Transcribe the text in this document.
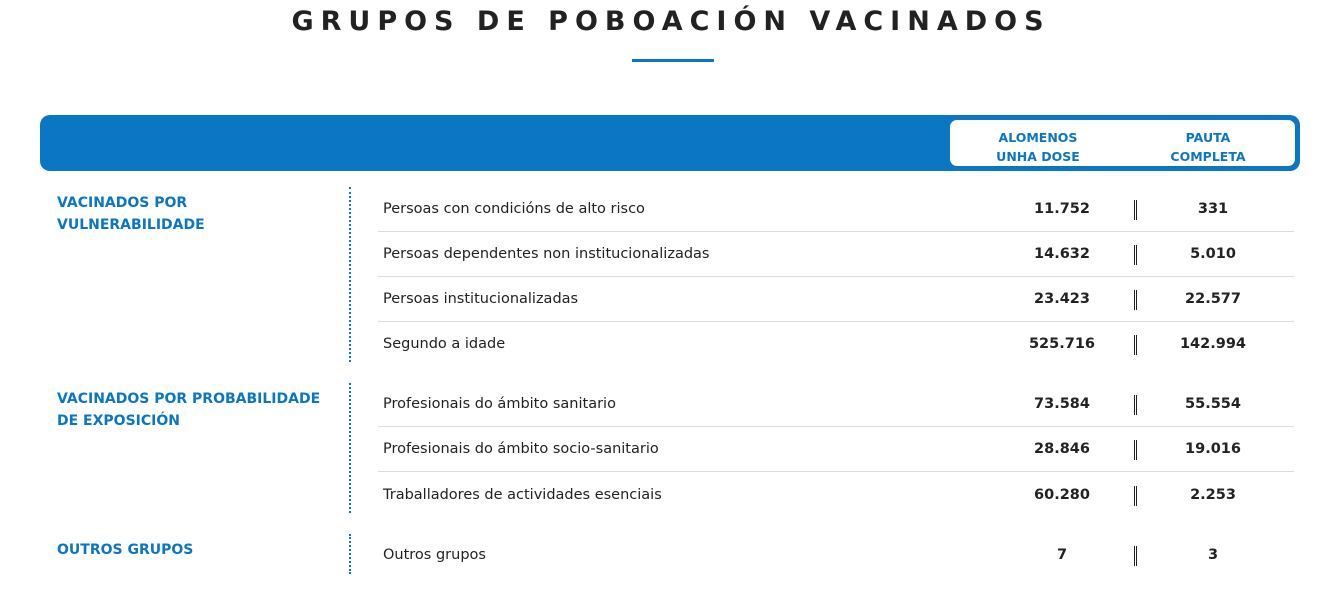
GRUPOS DE POBOACIÓN VACINADOS
ALOMENOS
UNHA DOSE
PAUTA
COMPLETA
VACINADOS POR VULNERABILIDADE
Persoas con condicións de alto risco	11.752	331
Persoas dependentes non institucionalizadas	14.632	5.010
Persoas institucionalizadas	23.423	22.577
Segundo a idade	525.716	142.994
VACINADOS POR PROBABILIDADE DE EXPOSICIÓN
Profesionais do ámbito sanitario	73.584	55.554
Profesionais do ámbito socio-sanitario	28.846	19.016
Traballadores de actividades esenciais	60.280	2.253
OUTROS GRUPOS	Outros grupos	7	3
